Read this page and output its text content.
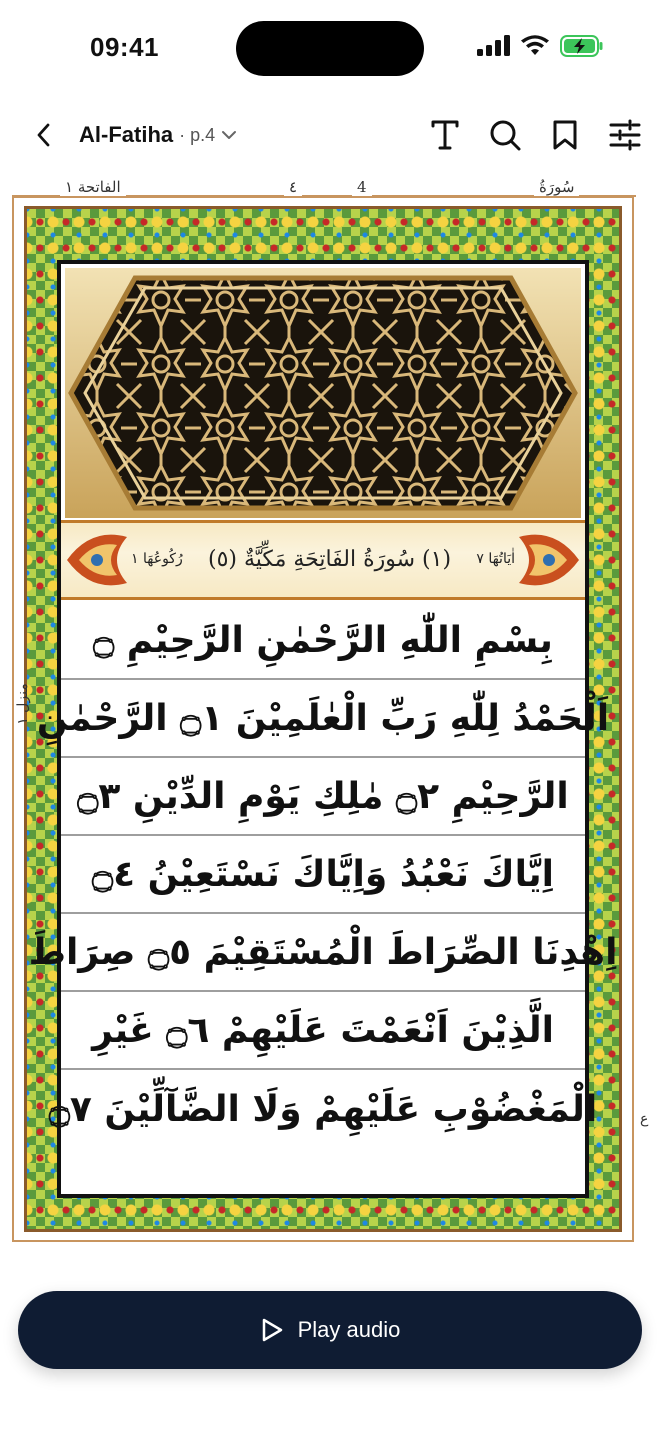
09:41
Al-Fatiha · p.4
الفاتحة ١	٤	4	سُورَةُ
اٰيَاتُهَا ٧
(١) سُورَةُ الفَاتِحَةِ مَكِّيَّةٌ (٥)
رُكُوعُهَا ١
بِسْمِ اللّٰهِ الرَّحْمٰنِ الرَّحِيْمِ ۝
اَلْحَمْدُ لِلّٰهِ رَبِّ الْعٰلَمِيْنَ ۝١ الرَّحْمٰنِ
الرَّحِيْمِ ۝٢ مٰلِكِ يَوْمِ الدِّيْنِ ۝٣
اِيَّاكَ نَعْبُدُ وَاِيَّاكَ نَسْتَعِيْنُ ۝٤
اِهْدِنَا الصِّرَاطَ الْمُسْتَقِيْمَ ۝٥ صِرَاطَ
الَّذِيْنَ اَنْعَمْتَ عَلَيْهِمْ ۝٦ غَيْرِ
الْمَغْضُوْبِ عَلَيْهِمْ وَلَا الضَّآلِّيْنَ ۝٧
منزل ١
ع
Play audio
